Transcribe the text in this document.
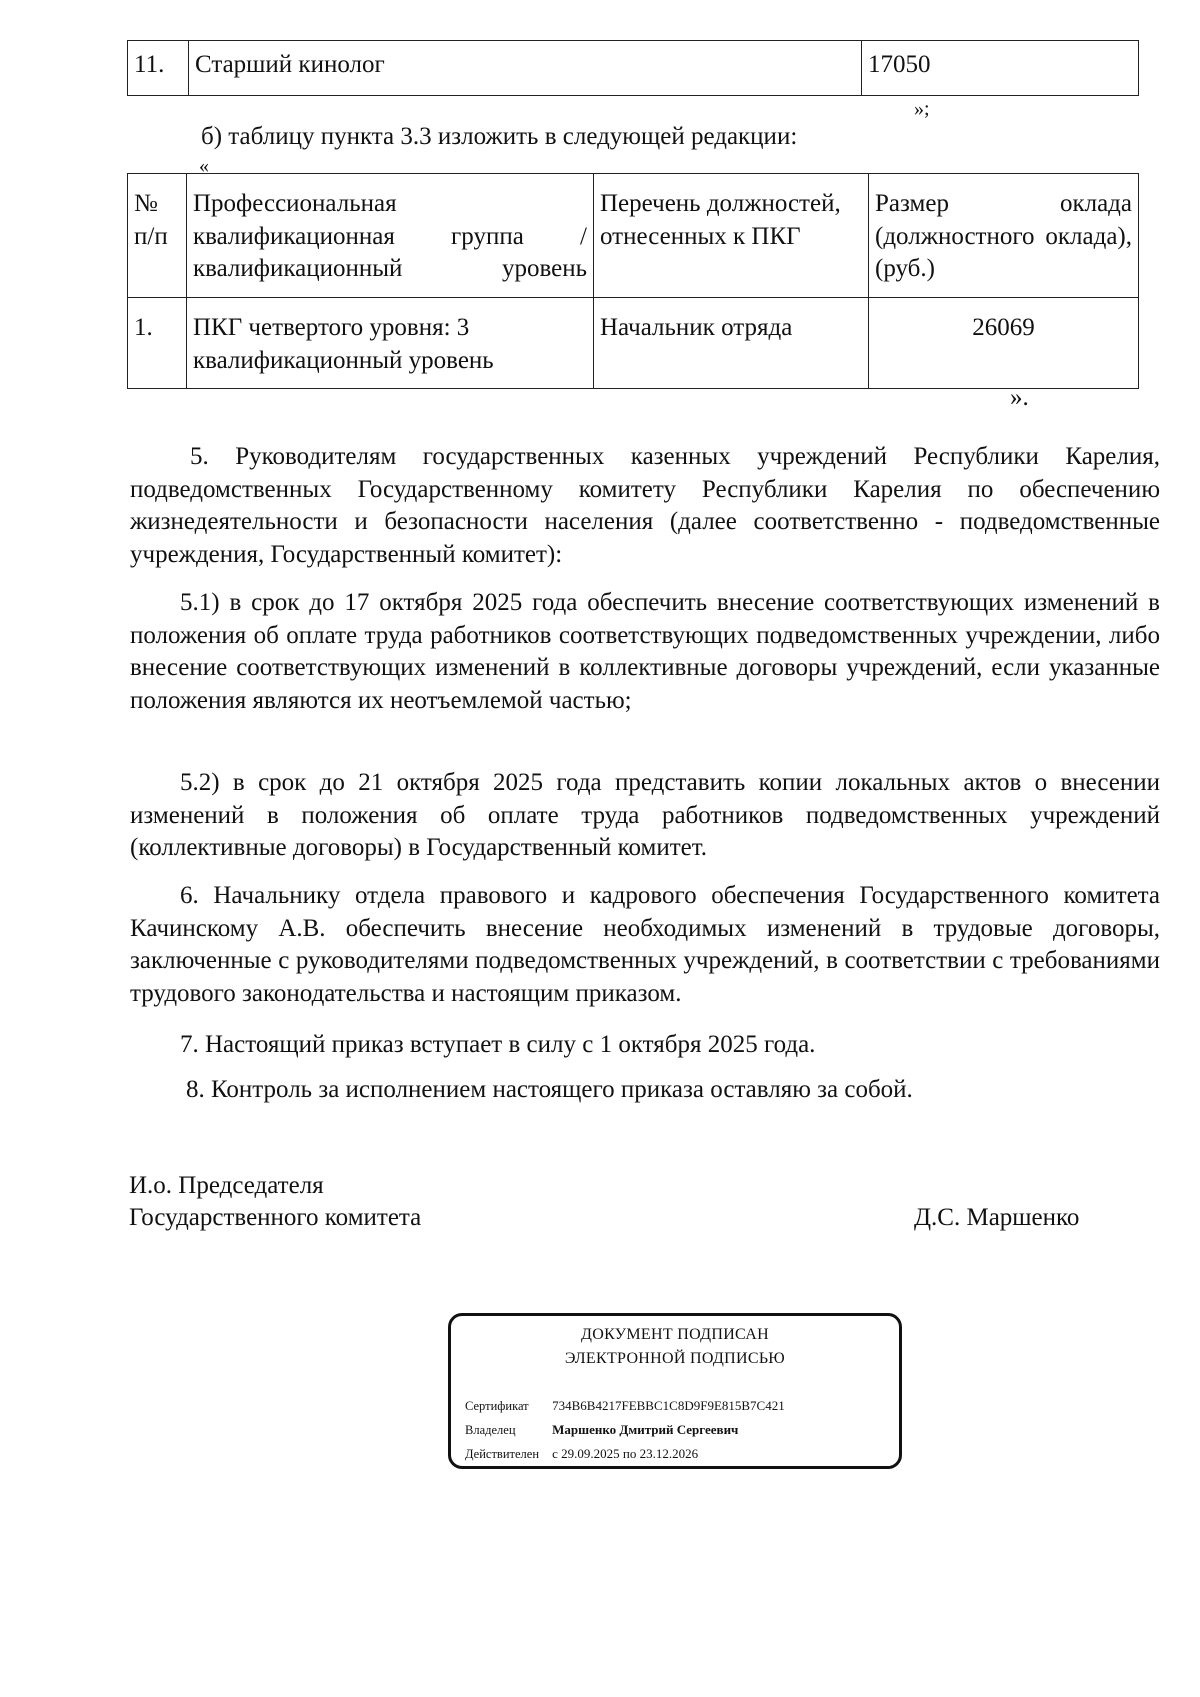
11.	Старший кинолог	17050
»;
б) таблицу пункта 3.3 изложить в следующей редакции:
«
№ п/п	Профессиональная квалификационная группа / квалификационный уровень	Перечень должностей, отнесенных к ПКГ	Размер оклада (должностного оклада), (руб.)
1.	ПКГ четвертого уровня: 3 квалификационный уровень	Начальник отряда	26069
».
5. Руководителям государственных казенных учреждений Республики Карелия, подведомственных Государственному комитету Республики Карелия по обеспечению жизнедеятельности и безопасности населения (далее соответственно - подведомственные учреждения, Государственный комитет):
5.1) в срок до 17 октября 2025 года обеспечить внесение соответствующих изменений в положения об оплате труда работников соответствующих подведомственных учреждении, либо внесение соответствующих изменений в коллективные договоры учреждений, если указанные положения являются их неотъемлемой частью;
5.2) в срок до 21 октября 2025 года представить копии локальных актов о внесении изменений в положения об оплате труда работников подведомственных учреждений (коллективные договоры) в Государственный комитет.
6. Начальнику отдела правового и кадрового обеспечения Государственного комитета Качинскому А.В. обеспечить внесение необходимых изменений в трудовые договоры, заключенные с руководителями подведомственных учреждений, в соответствии с требованиями трудового законодательства и настоящим приказом.
7. Настоящий приказ вступает в силу с 1 октября 2025 года.
8. Контроль за исполнением настоящего приказа оставляю за собой.
И.о. Председателя
Государственного комитета	Д.С. Маршенко
ДОКУМЕНТ ПОДПИСАН
ЭЛЕКТРОННОЙ ПОДПИСЬЮ
Сертификат 734B6B4217FEBBC1C8D9F9E815B7C421
Владелец	Маршенко Дмитрий Сергеевич
Действителен с 29.09.2025 по 23.12.2026
